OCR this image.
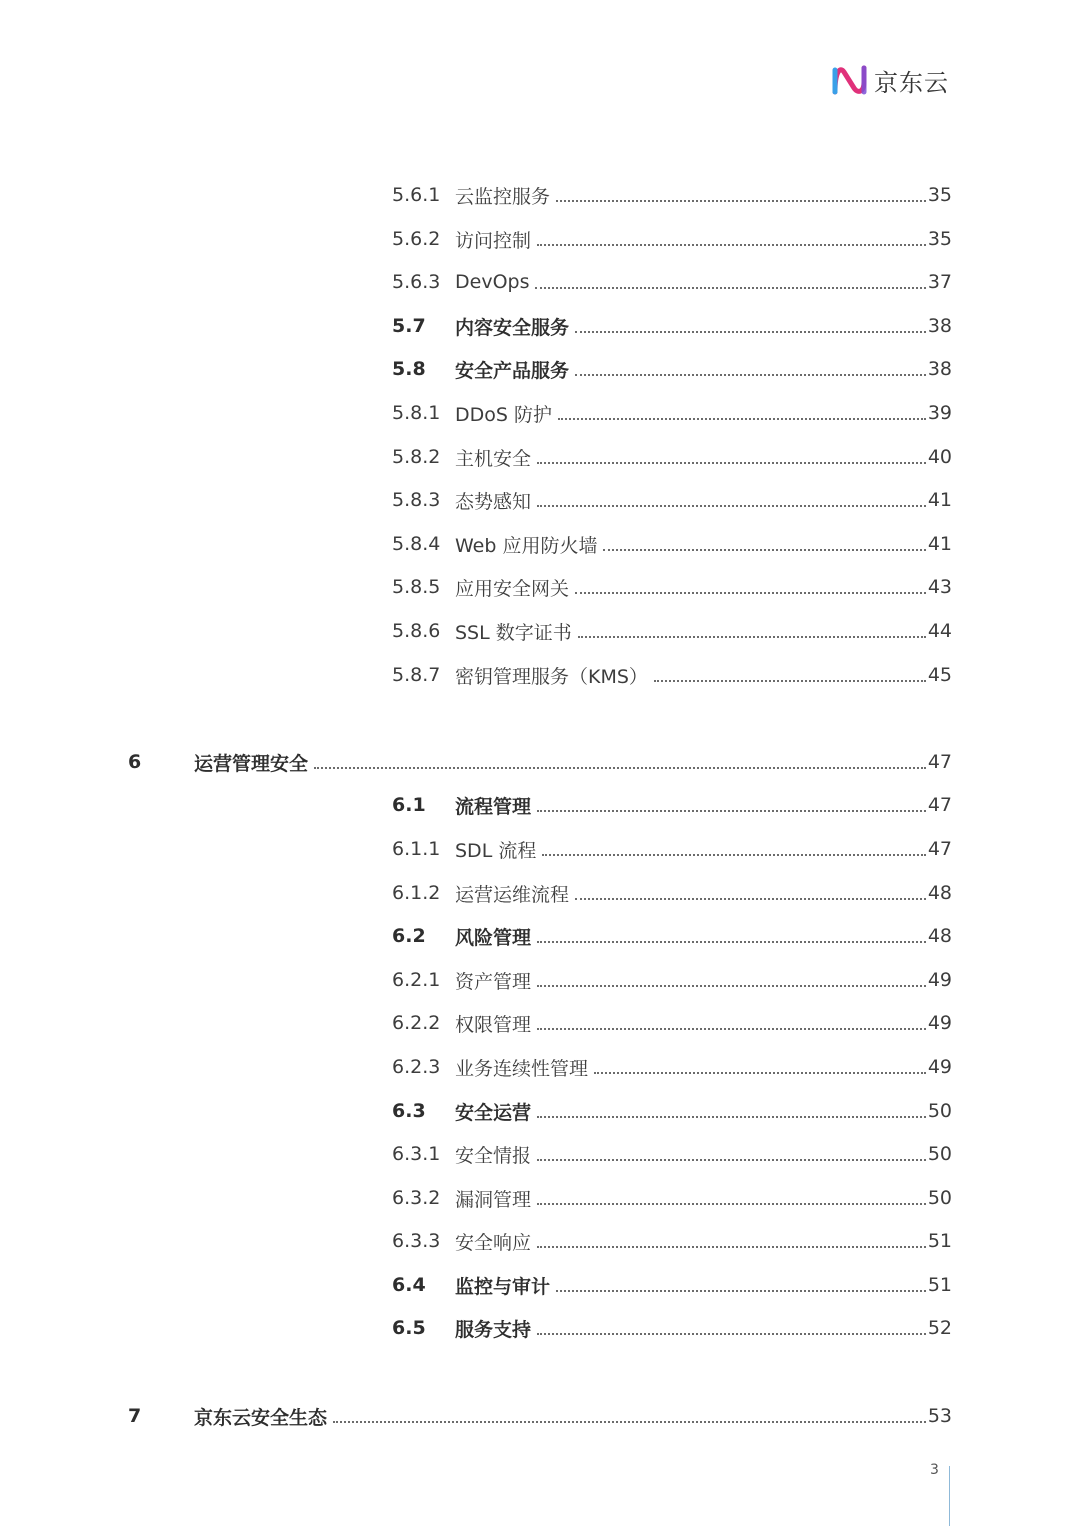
京东云
5.6.1 云监控服务	35
5.6.2 访问控制	35
5.6.3 DevOps	37
5.7	内容安全服务	38
5.8	安全产品服务	38
5.8.1 DDoS 防护	39
5.8.2 主机安全	40
5.8.3 态势感知	41
5.8.4 Web 应用防火墙	41
5.8.5 应用安全网关	43
5.8.6 SSL 数字证书	44
5.8.7 密钥管理服务（KMS）	45
6	运营管理安全	47
6.1	流程管理	47
6.1.1 SDL 流程	47
6.1.2 运营运维流程	48
6.2	风险管理	48
6.2.1 资产管理	49
6.2.2 权限管理	49
6.2.3 业务连续性管理	49
6.3	安全运营	50
6.3.1 安全情报	50
6.3.2 漏洞管理	50
6.3.3 安全响应	51
6.4	监控与审计	51
6.5	服务支持	52
7	京东云安全生态	53
3
